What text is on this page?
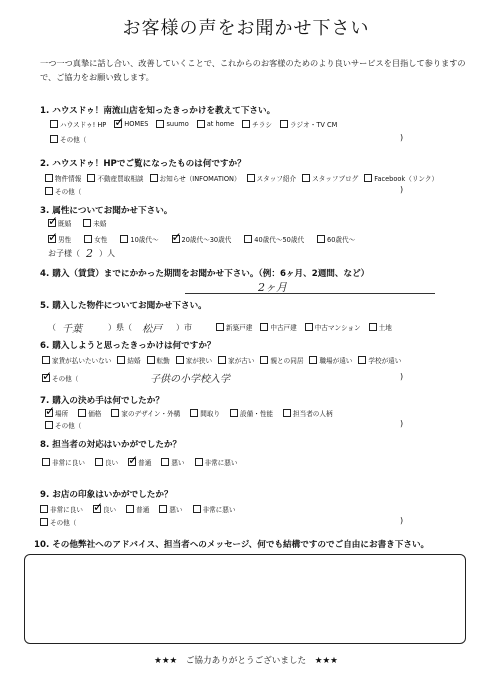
お客様の声をお聞かせ下さい
一つ一つ真摯に話し合い、改善していくことで、これからのお客様のためのより良いサービスを目指して参りますので、ご協力をお願い致します。
1. ハウスドゥ！南流山店を知ったきっかけを教えて下さい。
ハウスドゥ! HP ✓	HOMES	suumo	at home	チラシ	ラジオ・TV CM
その他（	)
2. ハウスドゥ！HPでご覧になったものは何ですか？
物件情報 不動産買取相談 お知らせ（INFOMATION） スタッフ紹介 スタッフブログ Facebook（リンク）
その他（	)
3. 属性についてお聞かせ下さい。
✓
既婚	未婚
✓
男性	女性	10歳代〜 ✓	20歳代〜30歳代	40歳代〜50歳代	60歳代〜
お子様（ 2 ）人
4. 購入（賃貸）までにかかった期間をお聞かせ下さい。（例：6ヶ月、2週間、など）
2ヶ月
5. 購入した物件についてお聞かせ下さい。
（ 千葉	）県（ 松戸 ）市	新築戸建	中古戸建	中古マンション	土地
6. 購入しようと思ったきっかけは何ですか？
家賃が払いたいない 結婚 転勤 家が狭い 家が古い 親との同居 職場が遠い 学校が遠い
✓
その他（	子供の小学校入学	)
7. 購入の決め手は何でしたか？
✓
場所	価格	家のデザイン・外構	間取り	設備・性能	担当者の人柄
その他（	)
8. 担当者の対応はいかがでしたか？
非常に良い	良い ✓	普通	悪い	非常に悪い
9. お店の印象はいかがでしたか？
非常に良い ✓	良い	普通	悪い	非常に悪い
その他（	)
10. その他弊社へのアドバイス、担当者へのメッセージ、何でも結構ですのでご自由にお書き下さい。
★★★　ご協力ありがとうございました　★★★
